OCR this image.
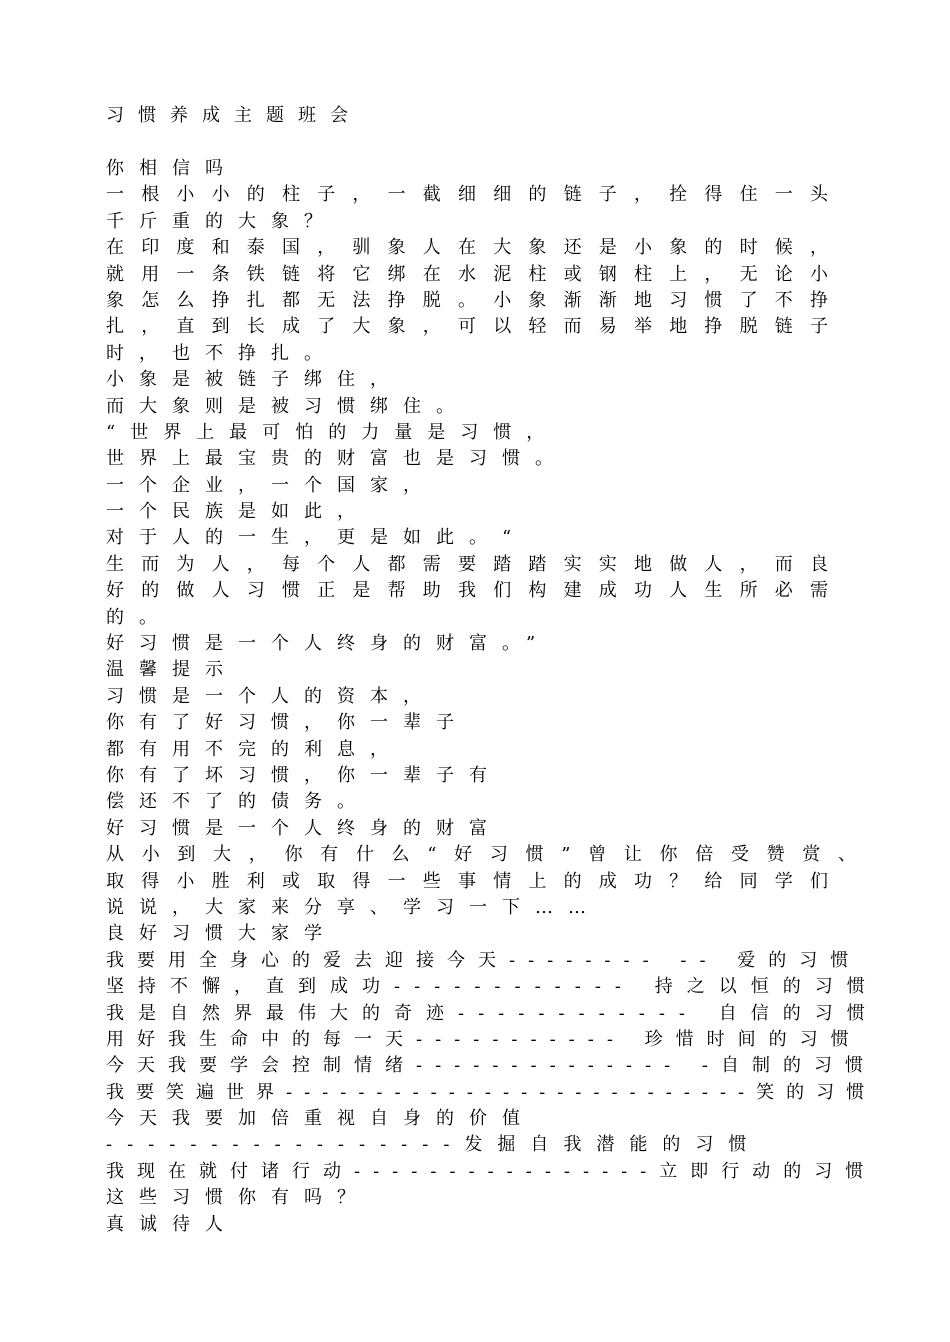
习惯养成主题班会
你相信吗
一根小小的柱子，一截细细的链子，拴得住一头
千斤重的大象？
在印度和泰国，驯象人在大象还是小象的时候，
就用一条铁链将它绑在水泥柱或钢柱上，无论小
象怎么挣扎都无法挣脱。小象渐渐地习惯了不挣
扎，直到长成了大象，可以轻而易举地挣脱链子
时，也不挣扎。
小象是被链子绑住，
而大象则是被习惯绑住。
“世界上最可怕的力量是习惯，
世界上最宝贵的财富也是习惯。
一个企业，一个国家，
一个民族是如此，
对于人的一生，更是如此。“
生而为人，每个人都需要踏踏实实地做人，而良
好的做人习惯正是帮助我们构建成功人生所必需
的。
好习惯是一个人终身的财富。”
温馨提示
习惯是一个人的资本，
你有了好习惯，你一辈子
都有用不完的利息，
你有了坏习惯，你一辈子有
偿还不了的债务。
好习惯是一个人终身的财富
从小到大，你有什么“好习惯”曾让你倍受赞赏、
取得小胜利或取得一些事情上的成功？给同学们
说说，大家来分享、学习一下……
良好习惯大家学
我要用全身心的爱去迎接今天-------- -- 爱的习惯
坚持不懈，直到成功------------ 持之以恒的习惯
我是自然界最伟大的奇迹------------ 自信的习惯
用好我生命中的每一天----------- 珍惜时间的习惯
今天我要学会控制情绪-------------- -自制的习惯
我要笑遍世界--------------------------笑的习惯
今天我要加倍重视自身的价值
-----------------发掘自我潜能的习惯
我现在就付诸行动----------------立即行动的习惯
这些习惯你有吗？
真诚待人
